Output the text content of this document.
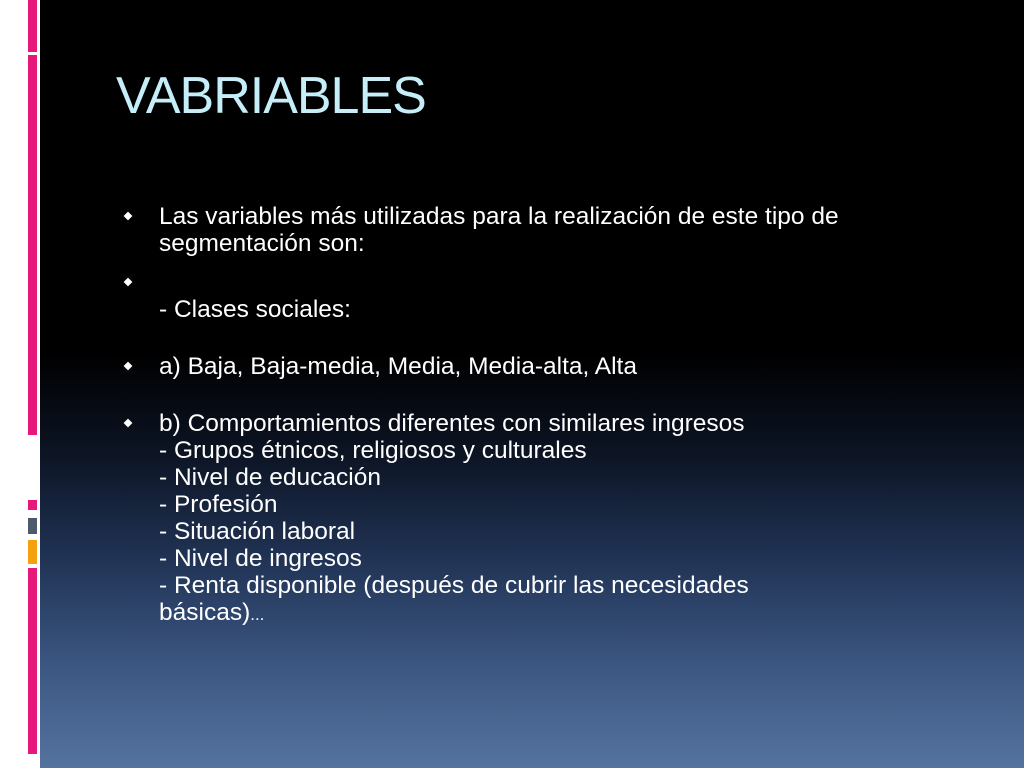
VABRIABLES
Las variables más utilizadas para la realización de este tipo de
segmentación son:

- Clases sociales:
a) Baja, Baja-media, Media, Media-alta, Alta
b) Comportamientos diferentes con similares ingresos
- Grupos étnicos, religiosos y culturales
- Nivel de educación
- Profesión
- Situación laboral
- Nivel de ingresos
- Renta disponible (después de cubrir las necesidades
básicas)...
